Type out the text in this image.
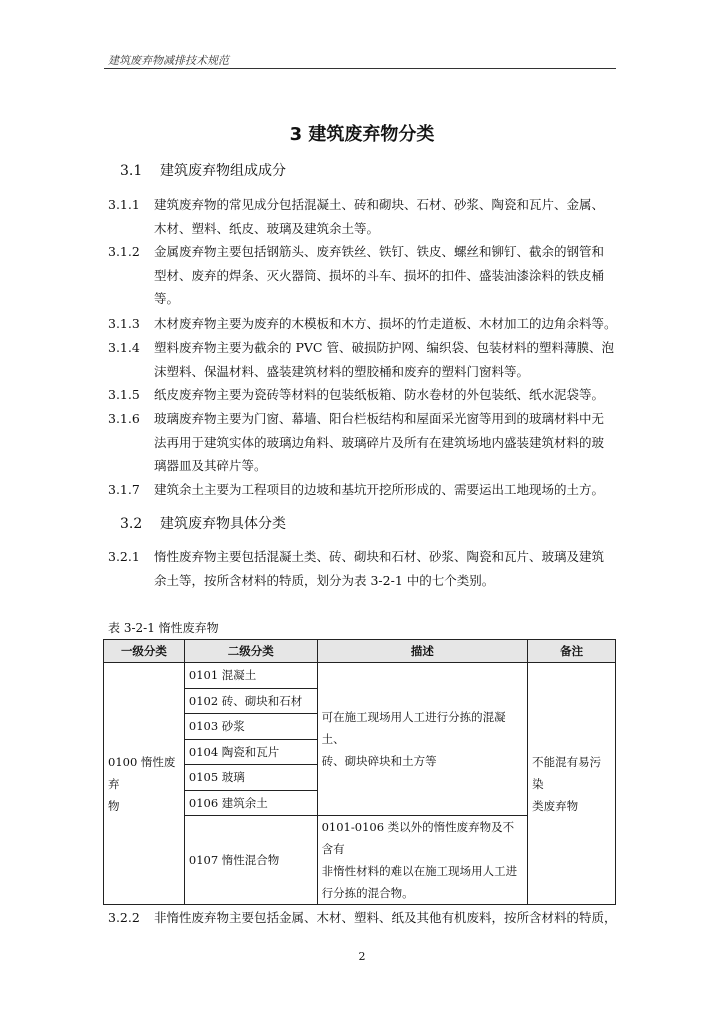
建筑废弃物减排技术规范
3 建筑废弃物分类
3.1 建筑废弃物组成成分
3.1.1	建筑废弃物的常见成分包括混凝土、砖和砌块、石材、砂浆、陶瓷和瓦片、金属、
木材、塑料、纸皮、玻璃及建筑余土等。
3.1.2	金属废弃物主要包括钢筋头、废弃铁丝、铁钉、铁皮、螺丝和铆钉、截余的钢管和
型材、废弃的焊条、灭火器筒、损坏的斗车、损坏的扣件、盛装油漆涂料的铁皮桶
等。
3.1.3	木材废弃物主要为废弃的木模板和木方、损坏的竹走道板、木材加工的边角余料等。
3.1.4	塑料废弃物主要为截余的 PVC 管、破损防护网、编织袋、包装材料的塑料薄膜、泡
沫塑料、保温材料、盛装建筑材料的塑胶桶和废弃的塑料门窗料等。
3.1.5	纸皮废弃物主要为瓷砖等材料的包装纸板箱、防水卷材的外包装纸、纸水泥袋等。
3.1.6	玻璃废弃物主要为门窗、幕墙、阳台栏板结构和屋面采光窗等用到的玻璃材料中无
法再用于建筑实体的玻璃边角料、玻璃碎片及所有在建筑场地内盛装建筑材料的玻
璃器皿及其碎片等。
3.1.7	建筑余土主要为工程项目的边坡和基坑开挖所形成的、需要运出工地现场的土方。
3.2 建筑废弃物具体分类
3.2.1	惰性废弃物主要包括混凝土类、砖、砌块和石材、砂浆、陶瓷和瓦片、玻璃及建筑
余土等，按所含材料的特质，划分为表 3-2-1 中的七个类别。
表 3-2-1 惰性废弃物
一级分类	二级分类	描述	备注

0100 惰性废弃
物	0101 混凝土	可在施工现场用人工进行分拣的混凝土、
砖、砌块碎块和土方等	不能混有易污染
类废弃物

	0102 砖、砌块和石材		
	0103 砂浆		
	0104 陶瓷和瓦片		
	0105 玻璃		
	0106 建筑余土		
	0107 惰性混合物	0101-0106 类以外的惰性废弃物及不含有
非惰性材料的难以在施工现场用人工进
行分拣的混合物。	
3.2.2	非惰性废弃物主要包括金属、木材、塑料、纸及其他有机废料，按所含材料的特质，
2
